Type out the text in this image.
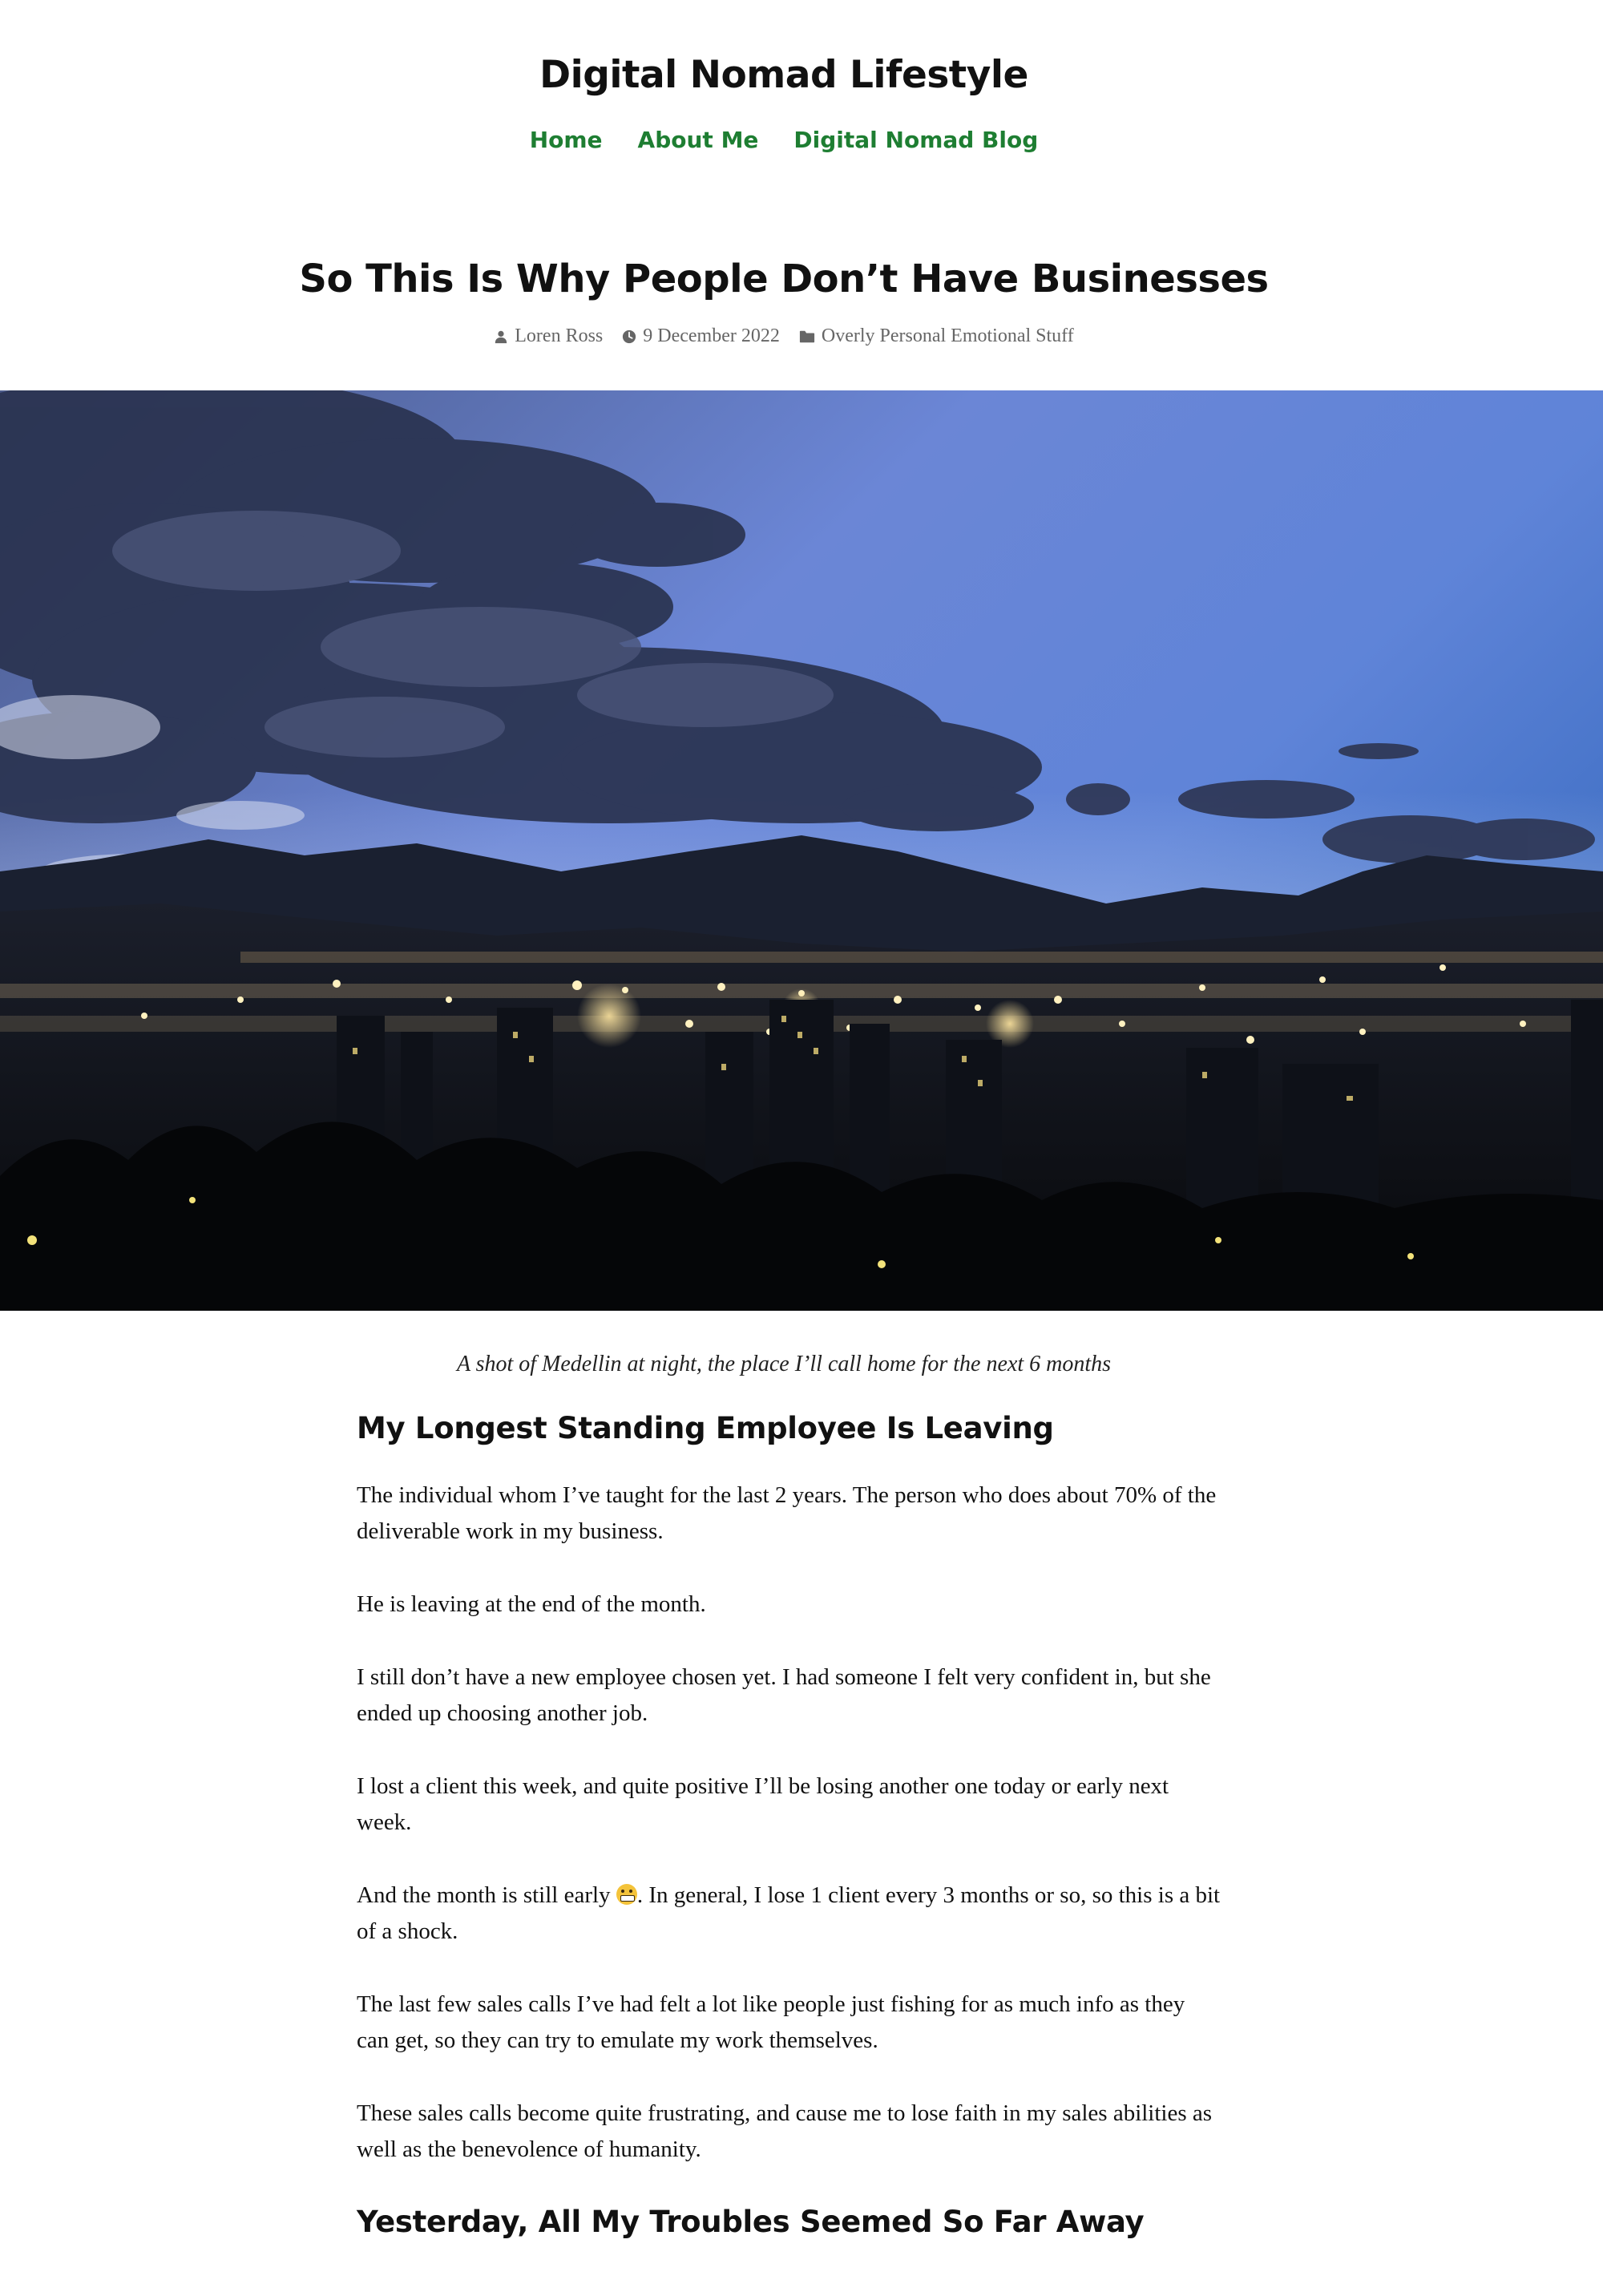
Digital Nomad Lifestyle
Home About Me Digital Nomad Blog
So This Is Why People Don’t Have Businesses
Loren Ross 9 December 2022 Overly Personal Emotional Stuff
A shot of Medellin at night, the place I’ll call home for the next 6 months
My Longest Standing Employee Is Leaving

The individual whom I’ve taught for the last 2 years. The person who does about 70% of the deliverable work in my business.

He is leaving at the end of the month.

I still don’t have a new employee chosen yet. I had someone I felt very confident in, but she ended up choosing another job.

I lost a client this week, and quite positive I’ll be losing another one today or early next week.

And the month is still early . In general, I lose 1 client every 3 months or so, so this is a bit of a shock.

The last few sales calls I’ve had felt a lot like people just fishing for as much info as they can get, so they can try to emulate my work themselves.

These sales calls become quite frustrating, and cause me to lose faith in my sales abilities as well as the benevolence of humanity.

Yesterday, All My Troubles Seemed So Far Away
